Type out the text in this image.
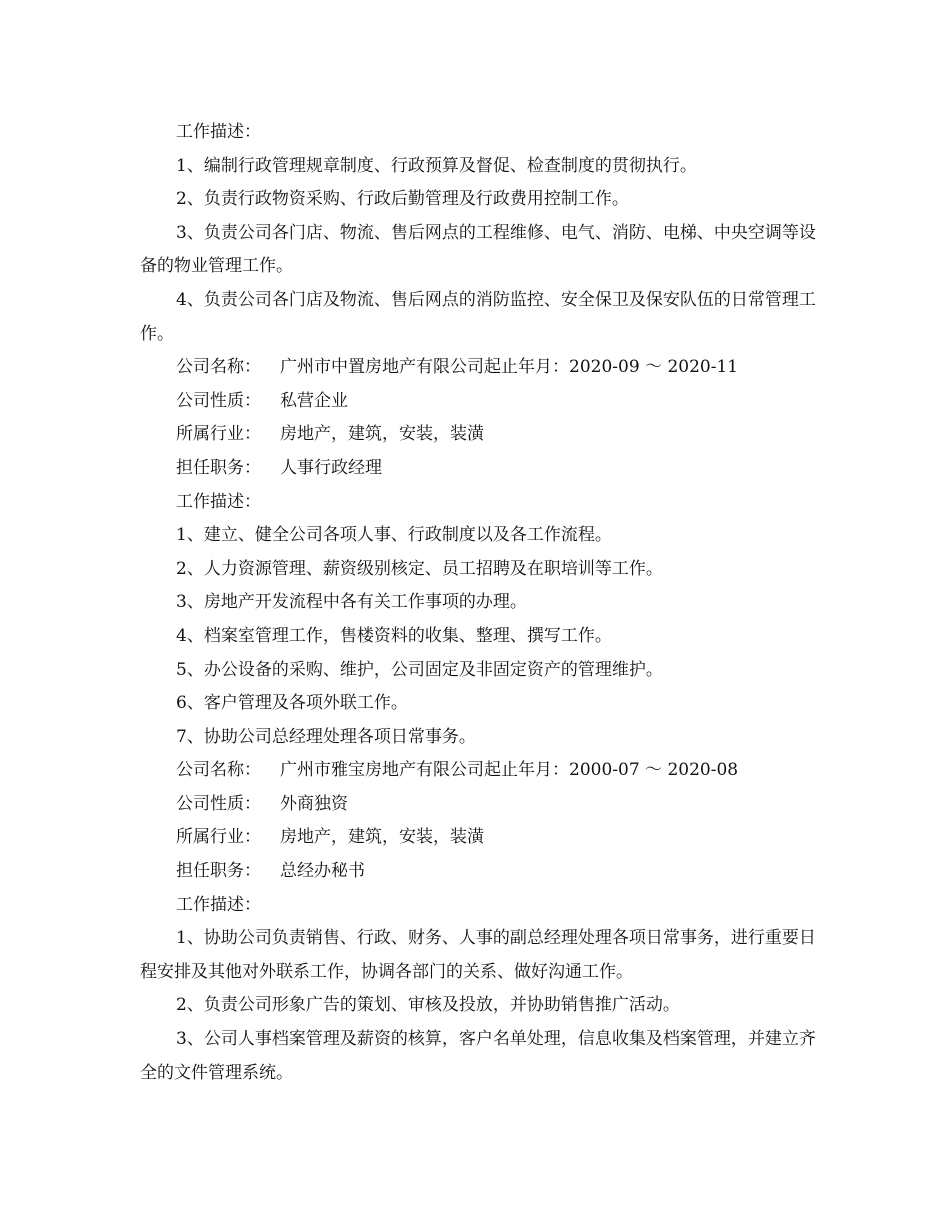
工作描述：

1、编制行政管理规章制度、行政预算及督促、检查制度的贯彻执行。

2、负责行政物资采购、行政后勤管理及行政费用控制工作。

3、负责公司各门店、物流、售后网点的工程维修、电气、消防、电梯、中央空调等设备的物业管理工作。

4、负责公司各门店及物流、售后网点的消防监控、安全保卫及保安队伍的日常管理工作。

公司名称：	广州市中置房地产有限公司起止年月：2020-09 ～ 2020-11
公司性质：	私营企业
所属行业：	房地产，建筑，安装，装潢
担任职务：	人事行政经理

工作描述：

1、建立、健全公司各项人事、行政制度以及各工作流程。

2、人力资源管理、薪资级别核定、员工招聘及在职培训等工作。

3、房地产开发流程中各有关工作事项的办理。

4、档案室管理工作，售楼资料的收集、整理、撰写工作。

5、办公设备的采购、维护，公司固定及非固定资产的管理维护。

6、客户管理及各项外联工作。

7、协助公司总经理处理各项日常事务。

公司名称：	广州市雅宝房地产有限公司起止年月：2000-07 ～ 2020-08
公司性质：	外商独资
所属行业：	房地产，建筑，安装，装潢
担任职务：	总经办秘书

工作描述：

1、协助公司负责销售、行政、财务、人事的副总经理处理各项日常事务，进行重要日程安排及其他对外联系工作，协调各部门的关系、做好沟通工作。

2、负责公司形象广告的策划、审核及投放，并协助销售推广活动。

3、公司人事档案管理及薪资的核算，客户名单处理，信息收集及档案管理，并建立齐全的文件管理系统。
